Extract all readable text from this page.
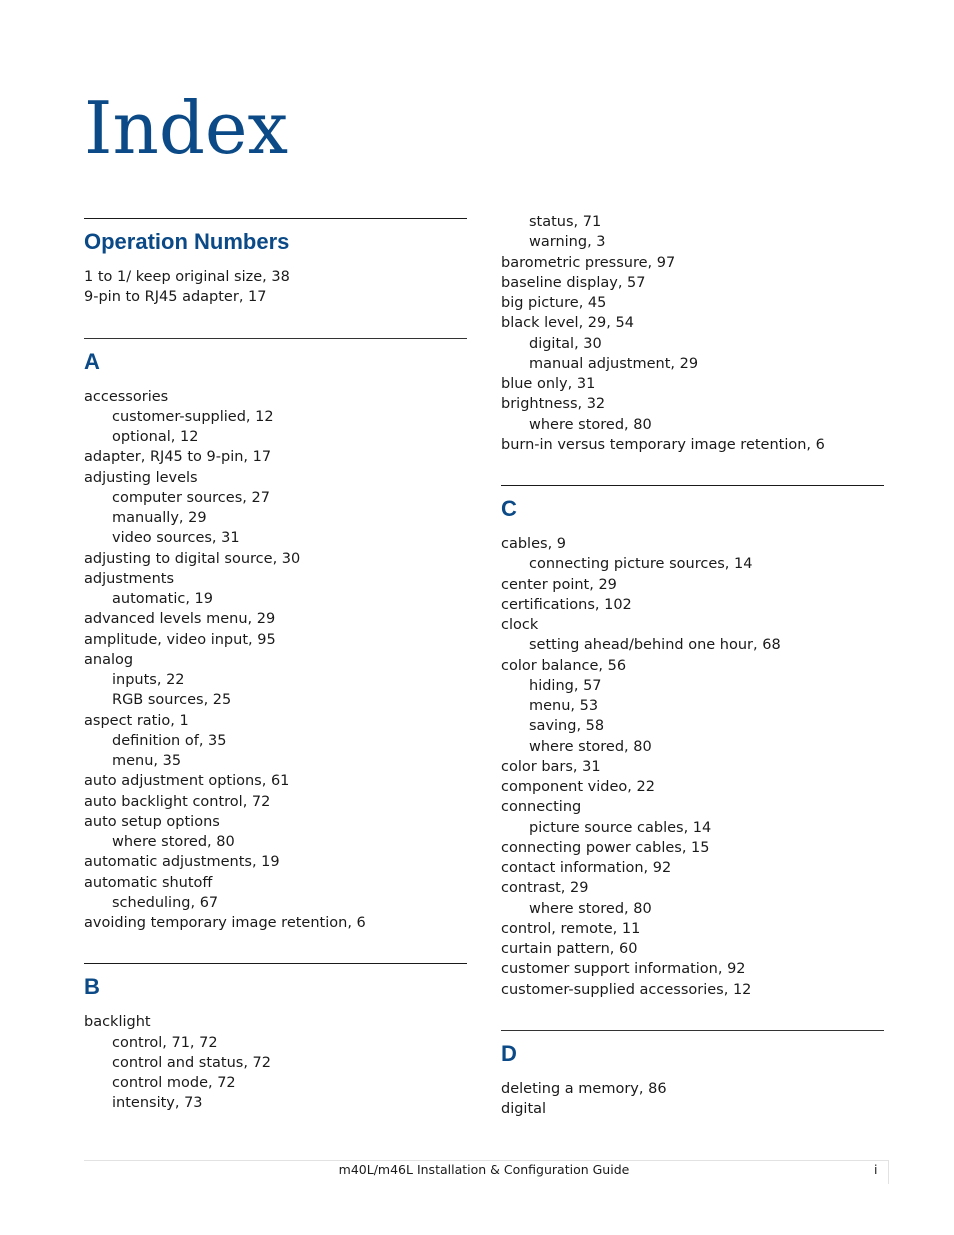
Index
Operation Numbers
1 to 1/ keep original size, 38
9-pin to RJ45 adapter, 17
A
accessories
customer-supplied, 12
optional, 12
adapter, RJ45 to 9-pin, 17
adjusting levels
computer sources, 27
manually, 29
video sources, 31
adjusting to digital source, 30
adjustments
automatic, 19
advanced levels menu, 29
amplitude, video input, 95
analog
inputs, 22
RGB sources, 25
aspect ratio, 1
definition of, 35
menu, 35
auto adjustment options, 61
auto backlight control, 72
auto setup options
where stored, 80
automatic adjustments, 19
automatic shutoff
scheduling, 67
avoiding temporary image retention, 6
B
backlight
control, 71, 72
control and status, 72
control mode, 72
intensity, 73
status, 71
warning, 3
barometric pressure, 97
baseline display, 57
big picture, 45
black level, 29, 54
digital, 30
manual adjustment, 29
blue only, 31
brightness, 32
where stored, 80
burn-in versus temporary image retention, 6
C
cables, 9
connecting picture sources, 14
center point, 29
certifications, 102
clock
setting ahead/behind one hour, 68
color balance, 56
hiding, 57
menu, 53
saving, 58
where stored, 80
color bars, 31
component video, 22
connecting
picture source cables, 14
connecting power cables, 15
contact information, 92
contrast, 29
where stored, 80
control, remote, 11
curtain pattern, 60
customer support information, 92
customer-supplied accessories, 12
D
deleting a memory, 86
digital
m40L/m46L Installation & Configuration Guide	i
